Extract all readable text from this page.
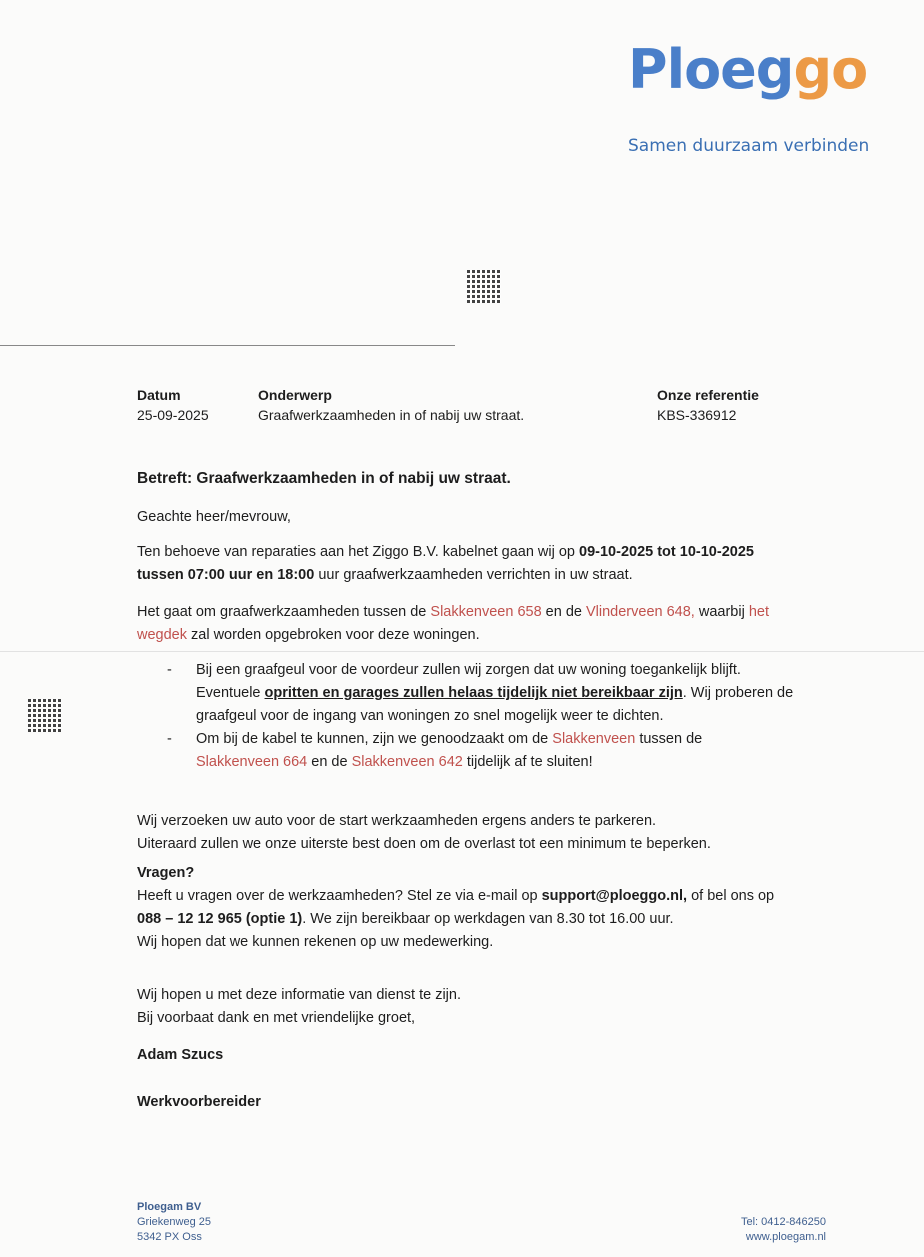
Ploeggo
Samen duurzaam verbinden
Datum
25-09-2025
Onderwerp
Graafwerkzaamheden in of nabij uw straat.
Onze referentie
KBS-336912
Betreft: Graafwerkzaamheden in of nabij uw straat.
Geachte heer/mevrouw,
Ten behoeve van reparaties aan het Ziggo B.V. kabelnet gaan wij op 09-10-2025 tot 10-10-2025
tussen 07:00 uur en 18:00 uur graafwerkzaamheden verrichten in uw straat.
Het gaat om graafwerkzaamheden tussen de Slakkenveen 658 en de Vlinderveen 648, waarbij het
wegdek zal worden opgebroken voor deze woningen.
- Bij een graafgeul voor de voordeur zullen wij zorgen dat uw woning toegankelijk blijft.
Eventuele opritten en garages zullen helaas tijdelijk niet bereikbaar zijn. Wij proberen de
graafgeul voor de ingang van woningen zo snel mogelijk weer te dichten.
- Om bij de kabel te kunnen, zijn we genoodzaakt om de Slakkenveen tussen de
Slakkenveen 664 en de Slakkenveen 642 tijdelijk af te sluiten!
Wij verzoeken uw auto voor de start werkzaamheden ergens anders te parkeren.
Uiteraard zullen we onze uiterste best doen om de overlast tot een minimum te beperken.
Vragen?
Heeft u vragen over de werkzaamheden? Stel ze via e-mail op support@ploeggo.nl, of bel ons op
088 – 12 12 965 (optie 1). We zijn bereikbaar op werkdagen van 8.30 tot 16.00 uur.
Wij hopen dat we kunnen rekenen op uw medewerking.
Wij hopen u met deze informatie van dienst te zijn.
Bij voorbaat dank en met vriendelijke groet,
Adam Szucs
Werkvoorbereider
Ploegam BV
Griekenweg 25
5342 PX Oss
Tel: 0412-846250
www.ploegam.nl
